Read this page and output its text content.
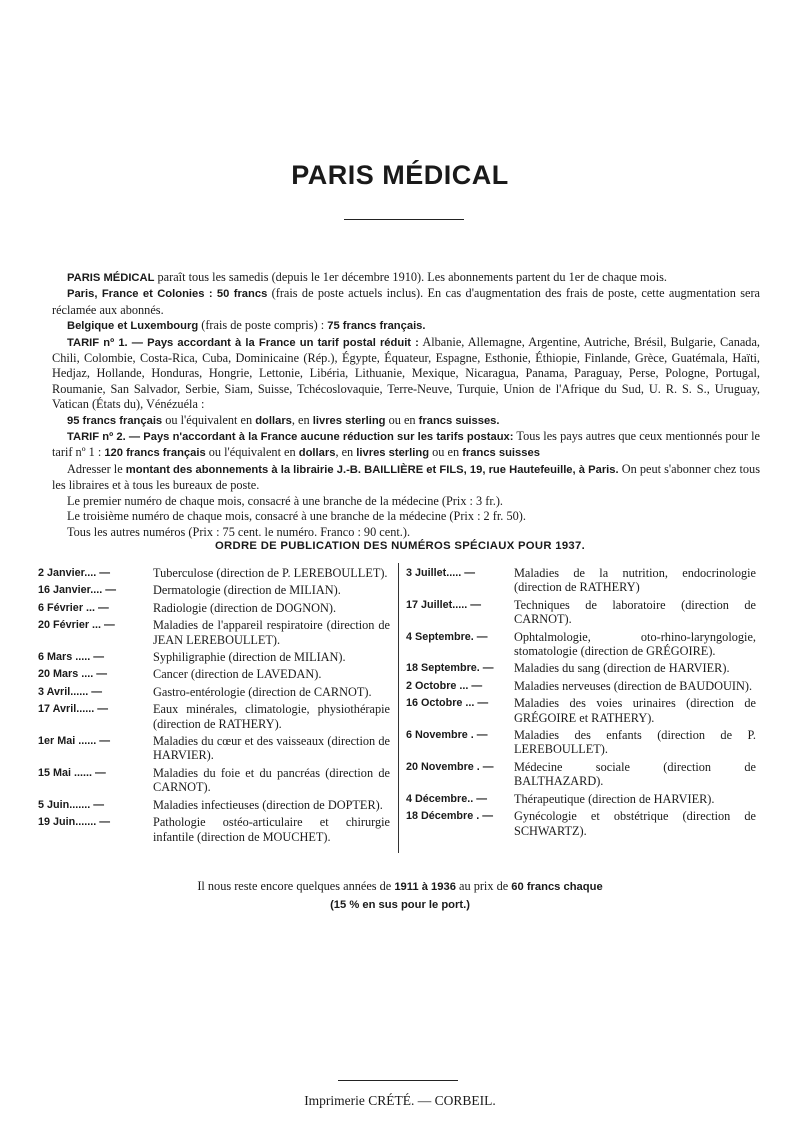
PARIS MÉDICAL

PARIS MÉDICAL paraît tous les samedis (depuis le 1er décembre 1910). Les abonnements partent du 1er de chaque mois.

Paris, France et Colonies : 50 francs (frais de poste actuels inclus). En cas d'augmentation des frais de poste, cette augmentation sera réclamée aux abonnés.

Belgique et Luxembourg (frais de poste compris) : 75 francs français.

TARIF nº 1. — Pays accordant à la France un tarif postal réduit : Albanie, Allemagne, Argentine, Autriche, Brésil, Bulgarie, Canada, Chili, Colombie, Costa-Rica, Cuba, Dominicaine (Rép.), Égypte, Équateur, Espagne, Esthonie, Éthiopie, Finlande, Grèce, Guatémala, Haïti, Hedjaz, Hollande, Honduras, Hongrie, Lettonie, Libéria, Lithuanie, Mexique, Nicaragua, Panama, Paraguay, Perse, Pologne, Portugal, Roumanie, San Salvador, Serbie, Siam, Suisse, Tchécoslovaquie, Terre-Neuve, Turquie, Union de l'Afrique du Sud, U. R. S. S., Uruguay, Vatican (États du), Vénézuéla :

95 francs français ou l'équivalent en dollars, en livres sterling ou en francs suisses.

TARIF nº 2. — Pays n'accordant à la France aucune réduction sur les tarifs postaux: Tous les pays autres que ceux mentionnés pour le tarif nº 1 : 120 francs français ou l'équivalent en dollars, en livres sterling ou en francs suisses

Adresser le montant des abonnements à la librairie J.-B. BAILLIÈRE et FILS, 19, rue Hautefeuille, à Paris. On peut s'abonner chez tous les libraires et à tous les bureaux de poste.

Le premier numéro de chaque mois, consacré à une branche de la médecine (Prix : 3 fr.).

Le troisième numéro de chaque mois, consacré à une branche de la médecine (Prix : 2 fr. 50).

Tous les autres numéros (Prix : 75 cent. le numéro. Franco : 90 cent.).

ORDRE DE PUBLICATION DES NUMÉROS SPÉCIAUX POUR 1937.
2 Janvier.... —	Tuberculose (direction de P. LEREBOULLET).
16 Janvier.... —	Dermatologie (direction de MILIAN).
6 Février ... —	Radiologie (direction de DOGNON).
20 Février ... —	Maladies de l'appareil respiratoire (direction de JEAN LEREBOULLET).
6 Mars ..... —	Syphiligraphie (direction de MILIAN).
20 Mars .... —	Cancer (direction de LAVEDAN).
3 Avril...... —	Gastro-entérologie (direction de CARNOT).
17 Avril...... —	Eaux minérales, climatologie, physiothérapie (direction de RATHERY).
1er Mai ...... —	Maladies du cœur et des vaisseaux (direction de HARVIER).
15 Mai ...... —	Maladies du foie et du pancréas (direction de CARNOT).
5 Juin....... —	Maladies infectieuses (direction de DOPTER).
19 Juin....... —	Pathologie ostéo-articulaire et chirurgie infantile (direction de MOUCHET).
3 Juillet..... —	Maladies de la nutrition, endocrinologie (direction de RATHERY)
17 Juillet..... —	Techniques de laboratoire (direction de CARNOT).
4 Septembre. —	Ophtalmologie, oto-rhino-laryngologie, stomatologie (direction de GRÉGOIRE).
18 Septembre. —	Maladies du sang (direction de HARVIER).
2 Octobre ... —	Maladies nerveuses (direction de BAUDOUIN).
16 Octobre ... —	Maladies des voies urinaires (direction de GRÉGOIRE et RATHERY).
6 Novembre . —	Maladies des enfants (direction de P. LEREBOULLET).
20 Novembre . —	Médecine sociale (direction de BALTHAZARD).
4 Décembre.. —	Thérapeutique (direction de HARVIER).
18 Décembre . —	Gynécologie et obstétrique (direction de SCHWARTZ).
Il nous reste encore quelques années de 1911 à 1936 au prix de 60 francs chaque
(15 % en sus pour le port.)
Imprimerie CRÉTÉ. — CORBEIL.
